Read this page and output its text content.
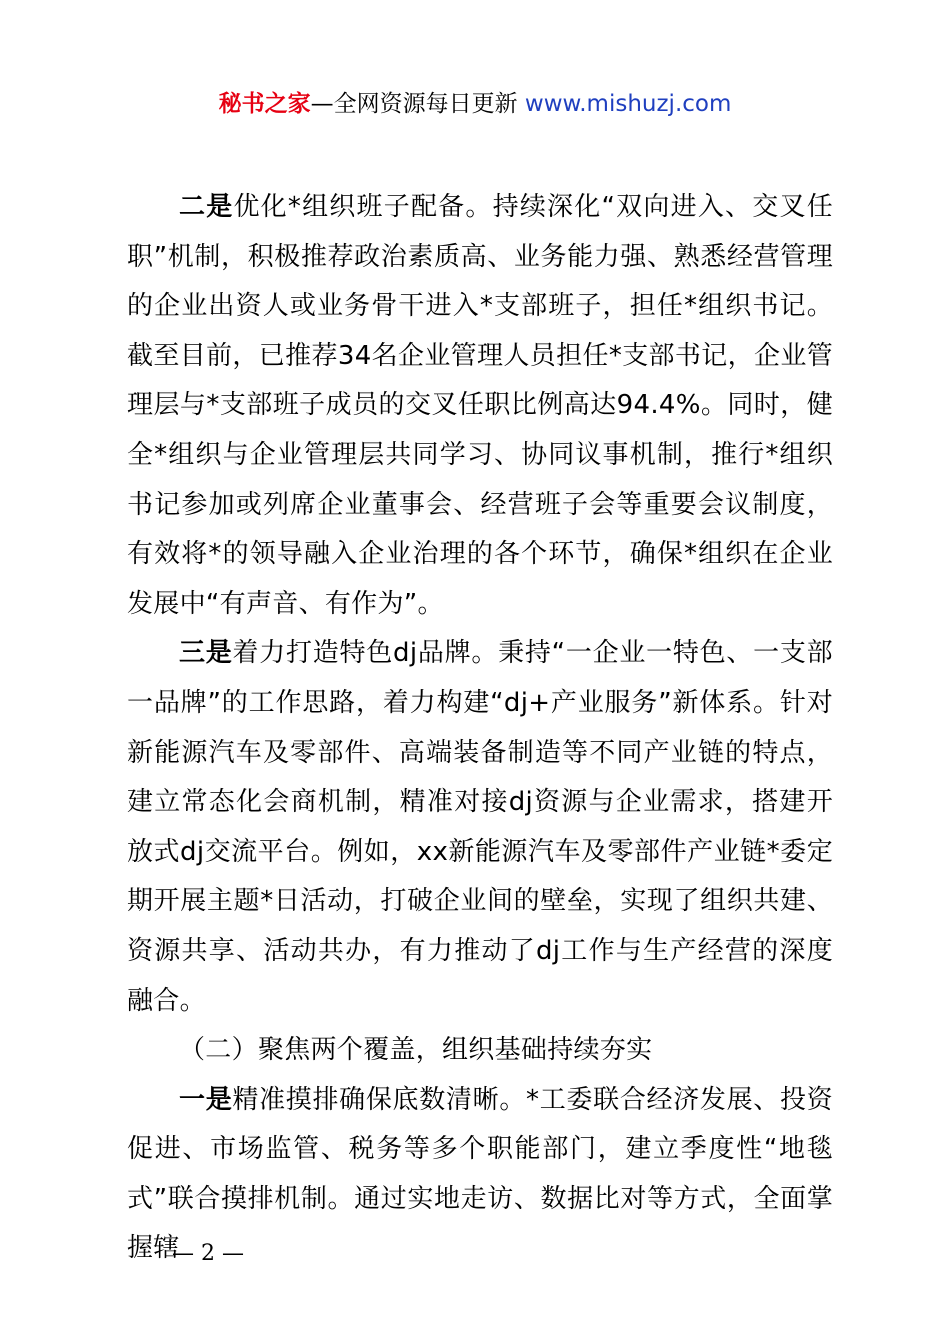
秘书之家—全网资源每日更新 www.mishuzj.com

二是优化*组织班子配备。持续深化“双向进入、交叉任职”机制，积极推荐政治素质高、业务能力强、熟悉经营管理的企业出资人或业务骨干进入*支部班子，担任*组织书记。截至目前，已推荐34名企业管理人员担任*支部书记，企业管理层与*支部班子成员的交叉任职比例高达94.4%。同时，健全*组织与企业管理层共同学习、协同议事机制，推行*组织书记参加或列席企业董事会、经营班子会等重要会议制度，有效将*的领导融入企业治理的各个环节，确保*组织在企业发展中“有声音、有作为”。

三是着力打造特色dj品牌。秉持“一企业一特色、一支部一品牌”的工作思路，着力构建“dj+产业服务”新体系。针对新能源汽车及零部件、高端装备制造等不同产业链的特点，建立常态化会商机制，精准对接dj资源与企业需求，搭建开放式dj交流平台。例如，xx新能源汽车及零部件产业链*委定期开展主题*日活动，打破企业间的壁垒，实现了组织共建、资源共享、活动共办，有力推动了dj工作与生产经营的深度融合。

（二）聚焦两个覆盖，组织基础持续夯实

一是精准摸排确保底数清晰。*工委联合经济发展、投资促进、市场监管、税务等多个职能部门，建立季度性“地毯式”联合摸排机制。通过实地走访、数据比对等方式，全面掌握辖

— 2 —
